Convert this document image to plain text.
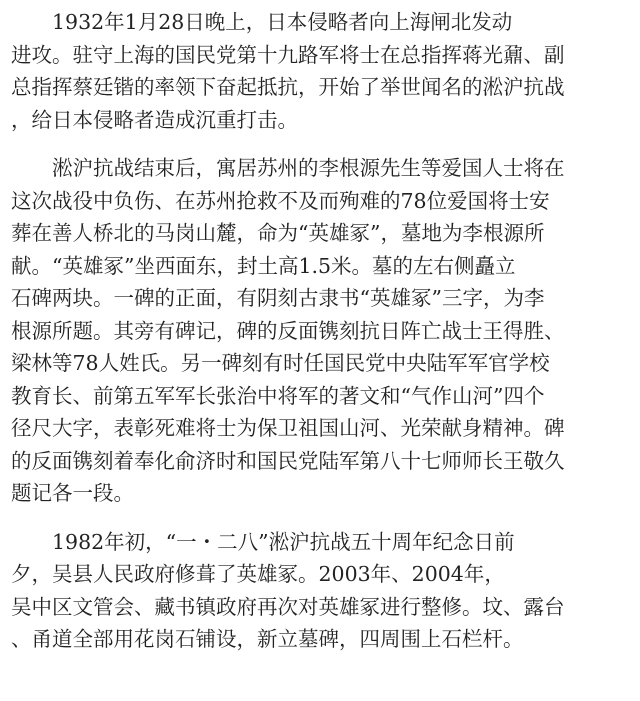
　　1932年1月28日晚上，日本侵略者向上海闸北发动
进攻。驻守上海的国民党第十九路军将士在总指挥蒋光鼐、副
总指挥蔡廷锴的率领下奋起抵抗，开始了举世闻名的淞沪抗战
，给日本侵略者造成沉重打击。
　　淞沪抗战结束后，寓居苏州的李根源先生等爱国人士将在
这次战役中负伤、在苏州抢救不及而殉难的78位爱国将士安
葬在善人桥北的马岗山麓，命为“英雄冢”，墓地为李根源所
献。“英雄冢”坐西面东，封土高1.5米。墓的左右侧矗立
石碑两块。一碑的正面，有阴刻古隶书“英雄冢”三字，为李
根源所题。其旁有碑记，碑的反面镌刻抗日阵亡战士王得胜、
梁林等78人姓氏。另一碑刻有时任国民党中央陆军军官学校
教育长、前第五军军长张治中将军的著文和“气作山河”四个
径尺大字，表彰死难将士为保卫祖国山河、光荣献身精神。碑
的反面镌刻着奉化俞济时和国民党陆军第八十七师师长王敬久
题记各一段。
　　1982年初，“一・二八”淞沪抗战五十周年纪念日前
夕，吴县人民政府修葺了英雄冢。2003年、2004年，
吴中区文管会、藏书镇政府再次对英雄冢进行整修。坟、露台
、甬道全部用花岗石铺设，新立墓碑，四周围上石栏杆。
